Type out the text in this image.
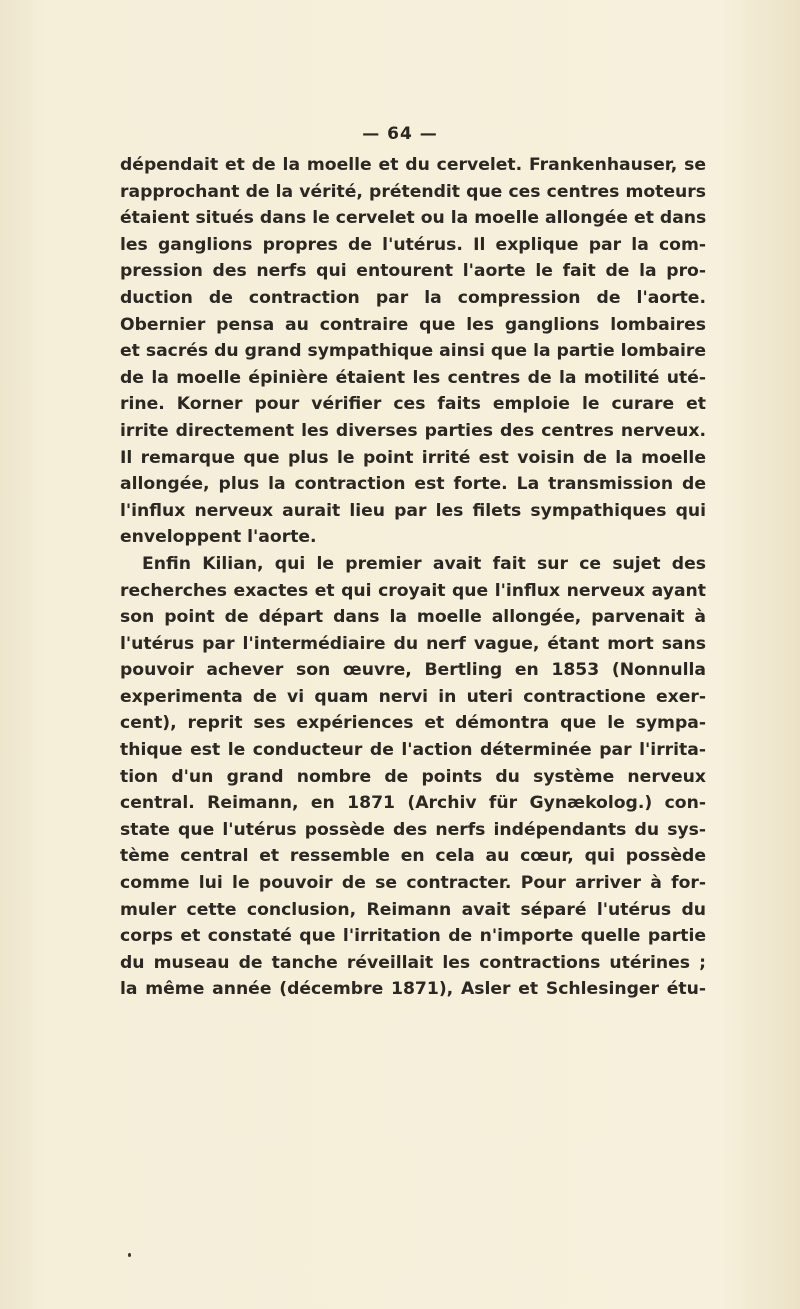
— 64 —
dépendait et de la moelle et du cervelet. Frankenhauser, se
rapprochant de la vérité, prétendit que ces centres moteurs
étaient situés dans le cervelet ou la moelle allongée et dans
les ganglions propres de l'utérus. Il explique par la com-
pression des nerfs qui entourent l'aorte le fait de la pro-
duction de contraction par la compression de l'aorte.
Obernier pensa au contraire que les ganglions lombaires
et sacrés du grand sympathique ainsi que la partie lombaire
de la moelle épinière étaient les centres de la motilité uté-
rine. Korner pour vérifier ces faits emploie le curare et
irrite directement les diverses parties des centres nerveux.
Il remarque que plus le point irrité est voisin de la moelle
allongée, plus la contraction est forte. La transmission de
l'influx nerveux aurait lieu par les filets sympathiques qui
enveloppent l'aorte.
Enfin Kilian, qui le premier avait fait sur ce sujet des
recherches exactes et qui croyait que l'influx nerveux ayant
son point de départ dans la moelle allongée, parvenait à
l'utérus par l'intermédiaire du nerf vague, étant mort sans
pouvoir achever son œuvre, Bertling en 1853 (Nonnulla
experimenta de vi quam nervi in uteri contractione exer-
cent), reprit ses expériences et démontra que le sympa-
thique est le conducteur de l'action déterminée par l'irrita-
tion d'un grand nombre de points du système nerveux
central. Reimann, en 1871 (Archiv für Gynækolog.) con-
state que l'utérus possède des nerfs indépendants du sys-
tème central et ressemble en cela au cœur, qui possède
comme lui le pouvoir de se contracter. Pour arriver à for-
muler cette conclusion, Reimann avait séparé l'utérus du
corps et constaté que l'irritation de n'importe quelle partie
du museau de tanche réveillait les contractions utérines ;
la même année (décembre 1871), Asler et Schlesinger étu-
